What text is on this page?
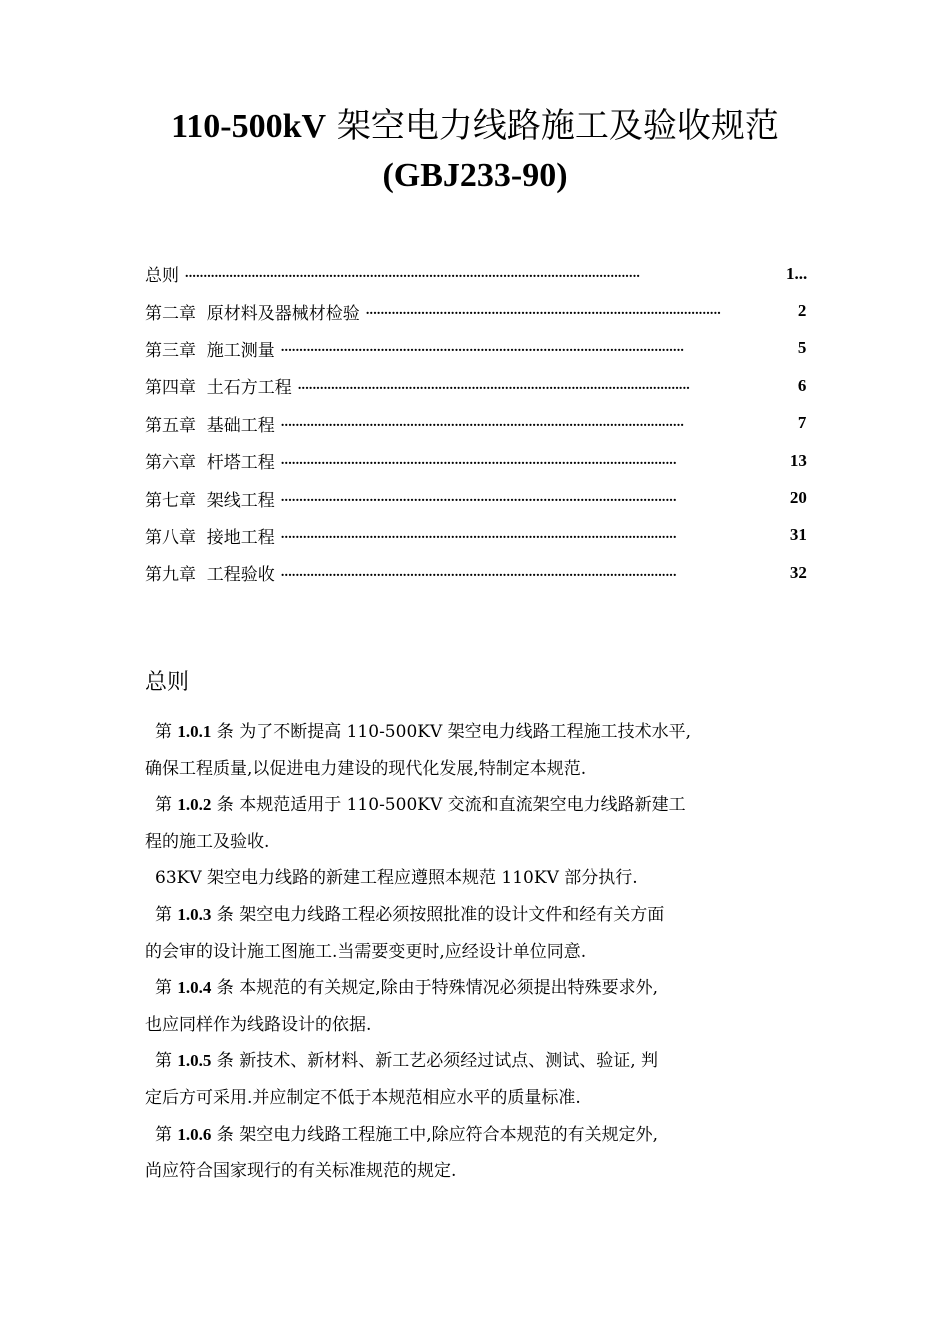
110-500kV 架空电力线路施工及验收规范
(GBJ233-90)
总则 ...........................................................................................................................	1...
第二章  原材料及器械材检验 ................................................................................................	2
第三章  施工测量 .............................................................................................................	5
第四章  土石方工程 ..........................................................................................................	6
第五章  基础工程 .............................................................................................................	7
第六章  杆塔工程 ...........................................................................................................	13
第七章  架线工程 ...........................................................................................................	20
第八章  接地工程 ...........................................................................................................	31
第九章  工程验收 ...........................................................................................................	32
总则
第 1.0.1 条 为了不断提高 110-500KV 架空电力线路工程施工技术水平,
确保工程质量,以促进电力建设的现代化发展,特制定本规范.
第 1.0.2 条 本规范适用于 110-500KV 交流和直流架空电力线路新建工
程的施工及验收.
63KV 架空电力线路的新建工程应遵照本规范 110KV 部分执行.
第 1.0.3 条 架空电力线路工程必须按照批准的设计文件和经有关方面
的会审的设计施工图施工.当需要变更时,应经设计单位同意.
第 1.0.4 条 本规范的有关规定,除由于特殊情况必须提出特殊要求外,
也应同样作为线路设计的依据.
第 1.0.5 条 新技术、新材料、新工艺必须经过试点、测试、验证, 判
定后方可采用.并应制定不低于本规范相应水平的质量标准.
第 1.0.6 条 架空电力线路工程施工中,除应符合本规范的有关规定外,
尚应符合国家现行的有关标准规范的规定.
